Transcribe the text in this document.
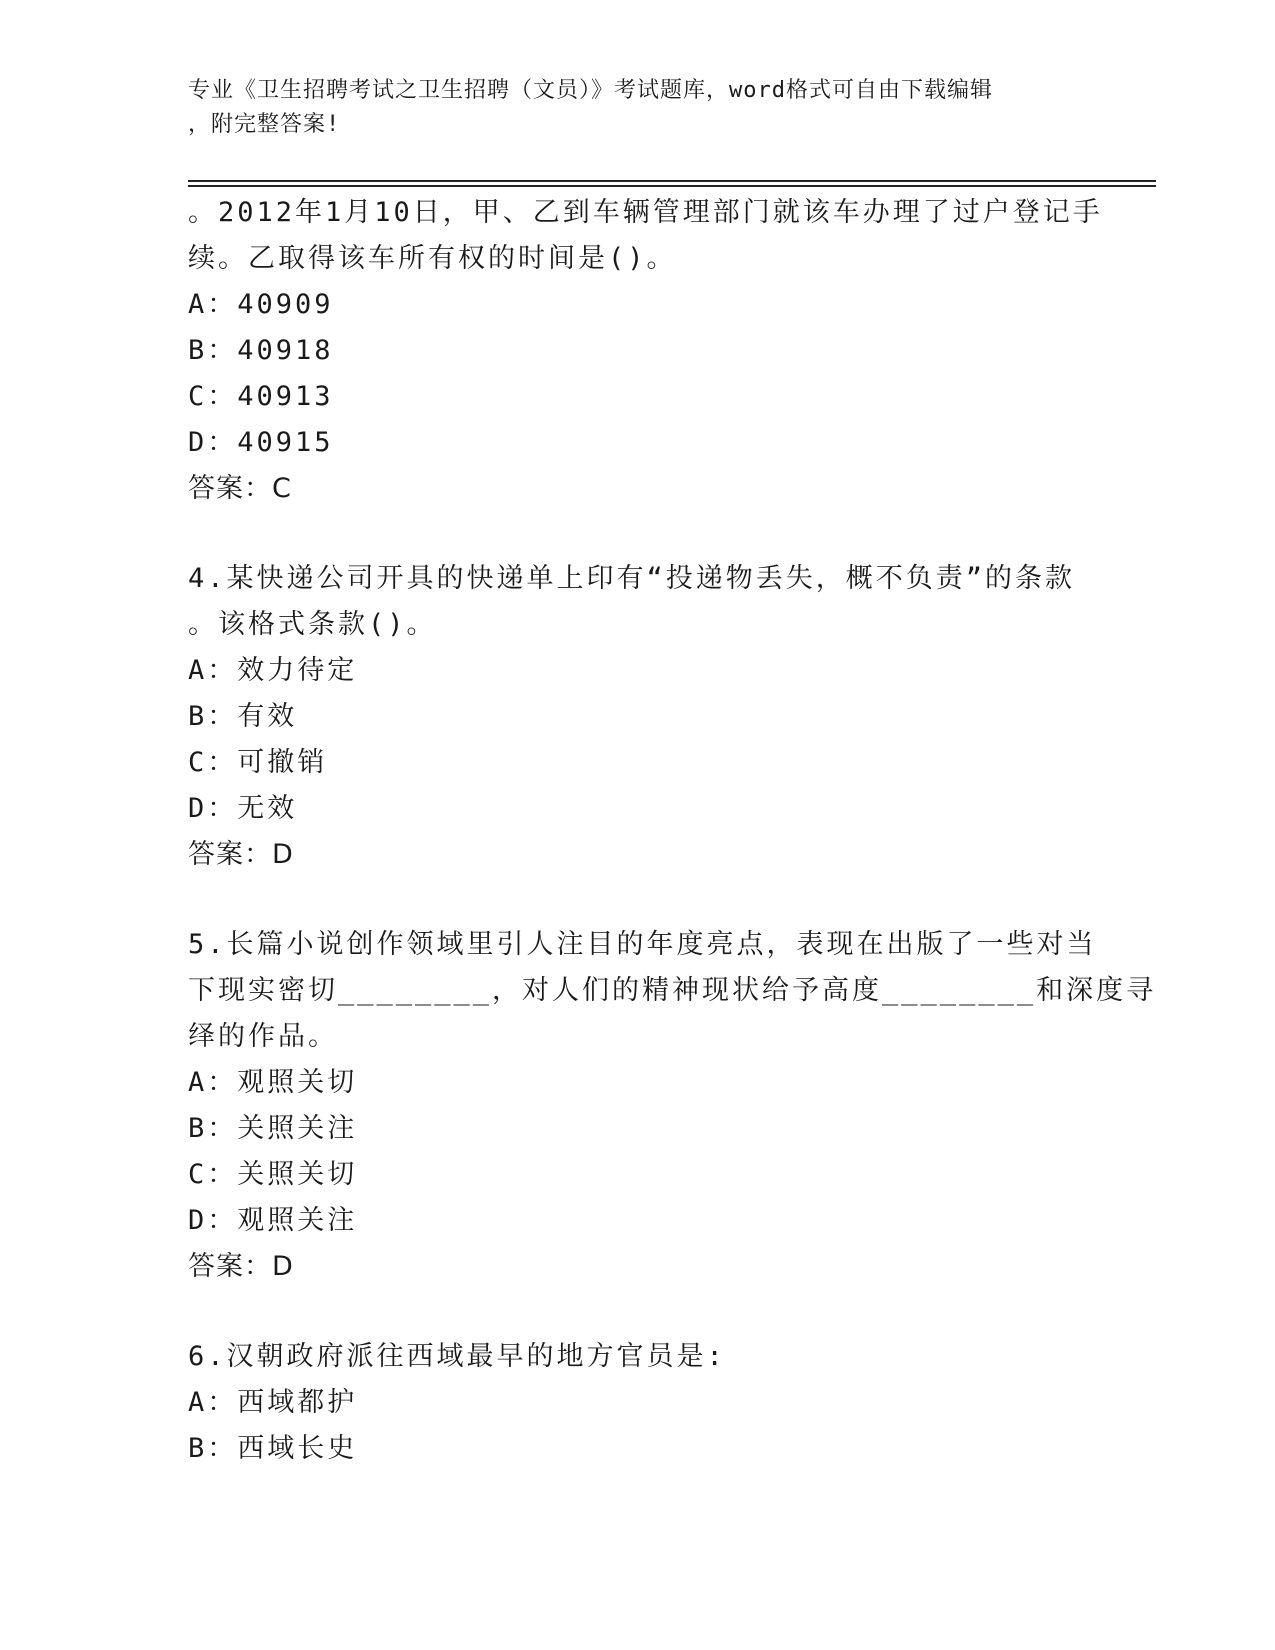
专业《卫生招聘考试之卫生招聘（文员）》考试题库，word格式可自由下载编辑
，附完整答案!
。2012年1月10日，甲、乙到车辆管理部门就该车办理了过户登记手
续。乙取得该车所有权的时间是()。
A：40909
B：40918
C：40913
D：40915
答案：C
4.某快递公司开具的快递单上印有“投递物丢失，概不负责”的条款
。该格式条款()。
A：效力待定
B：有效
C：可撤销
D：无效
答案：D
5.长篇小说创作领域里引人注目的年度亮点，表现在出版了一些对当
下现实密切________，对人们的精神现状给予高度________和深度寻
绎的作品。
A：观照关切
B：关照关注
C：关照关切
D：观照关注
答案：D
6.汉朝政府派往西域最早的地方官员是:
A：西域都护
B：西域长史
